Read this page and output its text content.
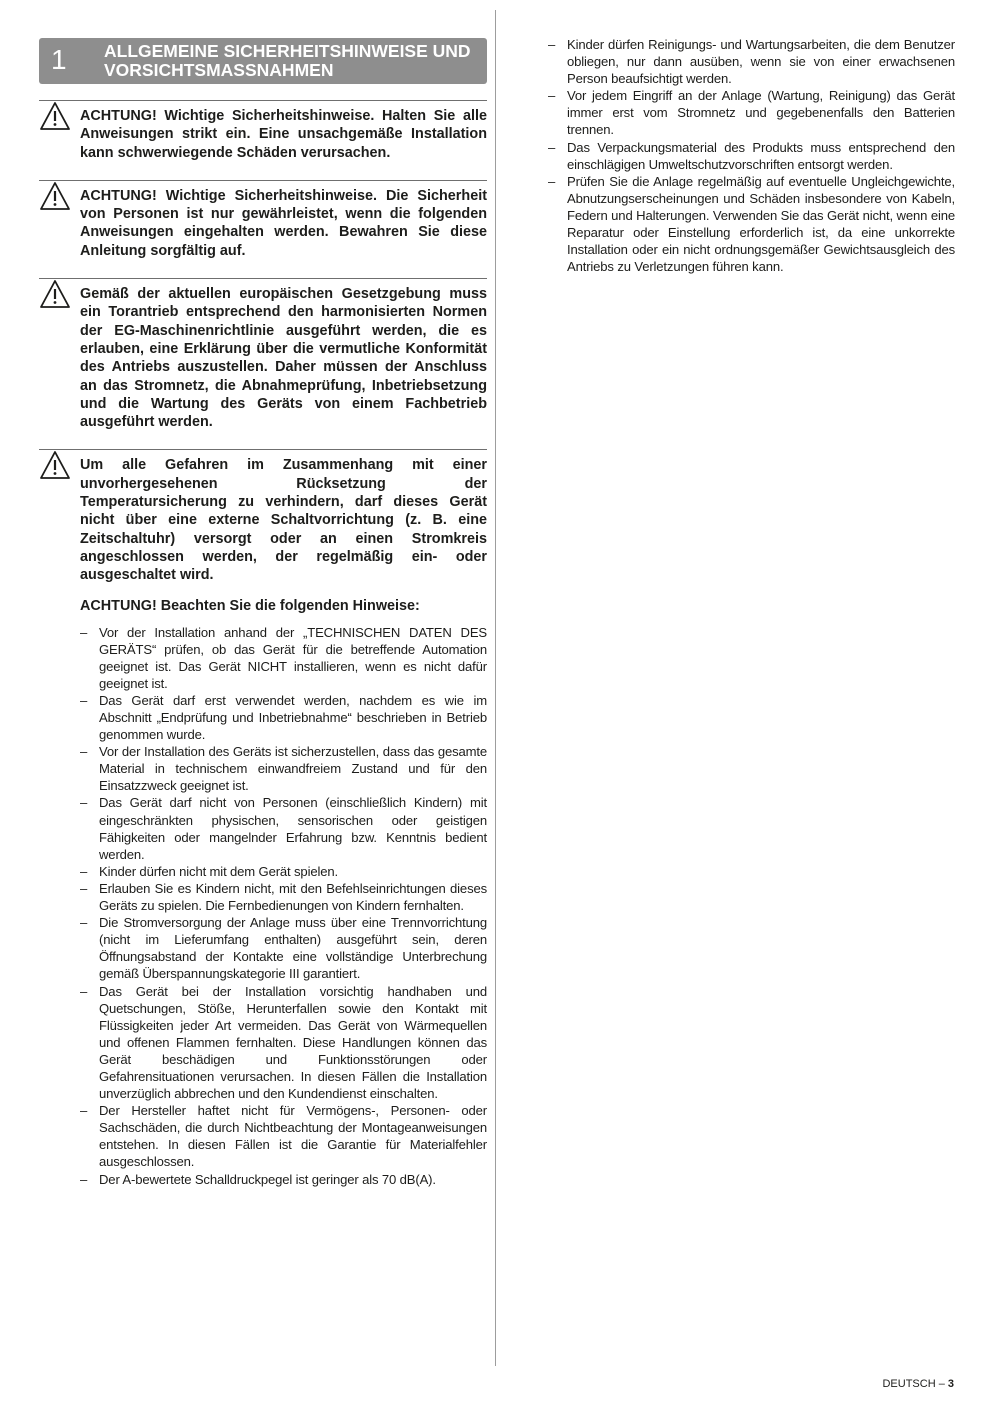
1 ALLGEMEINE SICHERHEITSHINWEISE UND VORSICHTSMASSNAHMEN
ACHTUNG! Wichtige Sicherheitshinweise. Halten Sie alle Anweisungen strikt ein. Eine unsachgemäße Installation kann schwerwiegende Schäden verursachen.
ACHTUNG! Wichtige Sicherheitshinweise. Die Sicherheit von Personen ist nur gewährleistet, wenn die folgenden Anweisungen eingehalten werden. Bewahren Sie diese Anleitung sorgfältig auf.
Gemäß der aktuellen europäischen Gesetzgebung muss ein Torantrieb entsprechend den harmonisierten Normen der EG-Maschinenrichtlinie ausgeführt werden, die es erlauben, eine Erklärung über die vermutliche Konformität des Antriebs auszustellen. Daher müssen der Anschluss an das Stromnetz, die Abnahmeprüfung, Inbetriebsetzung und die Wartung des Geräts von einem Fachbetrieb ausgeführt werden.
Um alle Gefahren im Zusammenhang mit einer unvorhergesehenen Rücksetzung der Temperatursicherung zu verhindern, darf dieses Gerät nicht über eine externe Schaltvorrichtung (z. B. eine Zeitschaltuhr) versorgt oder an einen Stromkreis angeschlossen werden, der regelmäßig ein- oder ausgeschaltet wird.
ACHTUNG! Beachten Sie die folgenden Hinweise:
– Vor der Installation anhand der „TECHNISCHEN DATEN DES GERÄTS“ prüfen, ob das Gerät für die betreffende Automation geeignet ist. Das Gerät NICHT installieren, wenn es nicht dafür geeignet ist.
– Das Gerät darf erst verwendet werden, nachdem es wie im Abschnitt „Endprüfung und Inbetriebnahme“ beschrieben in Betrieb genommen wurde.
– Vor der Installation des Geräts ist sicherzustellen, dass das gesamte Material in technischem einwandfreiem Zustand und für den Einsatzzweck geeignet ist.
– Das Gerät darf nicht von Personen (einschließlich Kindern) mit eingeschränkten physischen, sensorischen oder geistigen Fähigkeiten oder mangelnder Erfahrung bzw. Kenntnis bedient werden.
– Kinder dürfen nicht mit dem Gerät spielen.
– Erlauben Sie es Kindern nicht, mit den Befehlseinrichtungen dieses Geräts zu spielen. Die Fernbedienungen von Kindern fernhalten.
– Die Stromversorgung der Anlage muss über eine Trennvorrichtung (nicht im Lieferumfang enthalten) ausgeführt sein, deren Öffnungsabstand der Kontakte eine vollständige Unterbrechung gemäß Überspannungskategorie III garantiert.
– Das Gerät bei der Installation vorsichtig handhaben und Quetschungen, Stöße, Herunterfallen sowie den Kontakt mit Flüssigkeiten jeder Art vermeiden. Das Gerät von Wärmequellen und offenen Flammen fernhalten. Diese Handlungen können das Gerät beschädigen und Funktionsstörungen oder Gefahrensituationen verursachen. In diesen Fällen die Installation unverzüglich abbrechen und den Kundendienst einschalten.
– Der Hersteller haftet nicht für Vermögens-, Personen- oder Sachschäden, die durch Nichtbeachtung der Montageanweisungen entstehen. In diesen Fällen ist die Garantie für Materialfehler ausgeschlossen.
– Der A-bewertete Schalldruckpegel ist geringer als 70 dB(A).
– Kinder dürfen Reinigungs- und Wartungsarbeiten, die dem Benutzer obliegen, nur dann ausüben, wenn sie von einer erwachsenen Person beaufsichtigt werden.
– Vor jedem Eingriff an der Anlage (Wartung, Reinigung) das Gerät immer erst vom Stromnetz und gegebenenfalls den Batterien trennen.
– Das Verpackungsmaterial des Produkts muss entsprechend den einschlägigen Umweltschutzvorschriften entsorgt werden.
– Prüfen Sie die Anlage regelmäßig auf eventuelle Ungleichgewichte, Abnutzungserscheinungen und Schäden insbesondere von Kabeln, Federn und Halterungen. Verwenden Sie das Gerät nicht, wenn eine Reparatur oder Einstellung erforderlich ist, da eine unkorrekte Installation oder ein nicht ordnungsgemäßer Gewichtsausgleich des Antriebs zu Verletzungen führen kann.
DEUTSCH – 3
